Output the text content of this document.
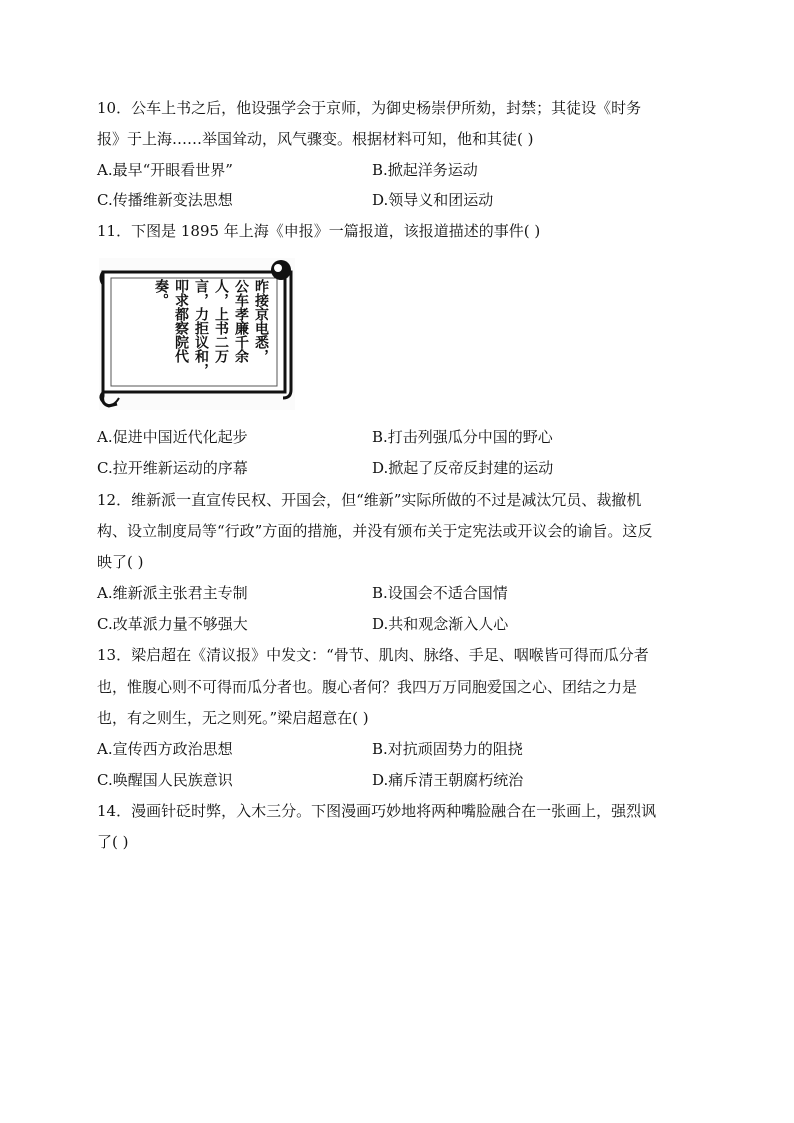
10．公车上书之后，他设强学会于京师，为御史杨崇伊所劾，封禁；其徒设《时务
报》于上海……举国耸动，风气骤变。根据材料可知，他和其徒( )
A.最早“开眼看世界”	B.掀起洋务运动
C.传播维新变法思想	D.领导义和团运动
11．下图是 1895 年上海《申报》一篇报道，该报道描述的事件( )
昨接京电悉，
公车孝廉千余
人，上书二万
言，力拒议和，
叩求都察院代
奏。
A.促进中国近代化起步	B.打击列强瓜分中国的野心
C.拉开维新运动的序幕	D.掀起了反帝反封建的运动
12．维新派一直宣传民权、开国会，但“维新”实际所做的不过是减汰冗员、裁撤机
构、设立制度局等“行政”方面的措施，并没有颁布关于定宪法或开议会的谕旨。这反
映了( )
A.维新派主张君主专制	B.设国会不适合国情
C.改革派力量不够强大	D.共和观念渐入人心
13．梁启超在《清议报》中发文：“骨节、肌肉、脉络、手足、咽喉皆可得而瓜分者
也，惟腹心则不可得而瓜分者也。腹心者何？我四万万同胞爱国之心、团结之力是
也，有之则生，无之则死。”梁启超意在( )
A.宣传西方政治思想	B.对抗顽固势力的阻挠
C.唤醒国人民族意识	D.痛斥清王朝腐朽统治
14．漫画针砭时弊，入木三分。下图漫画巧妙地将两种嘴脸融合在一张画上，强烈讽
了( )
